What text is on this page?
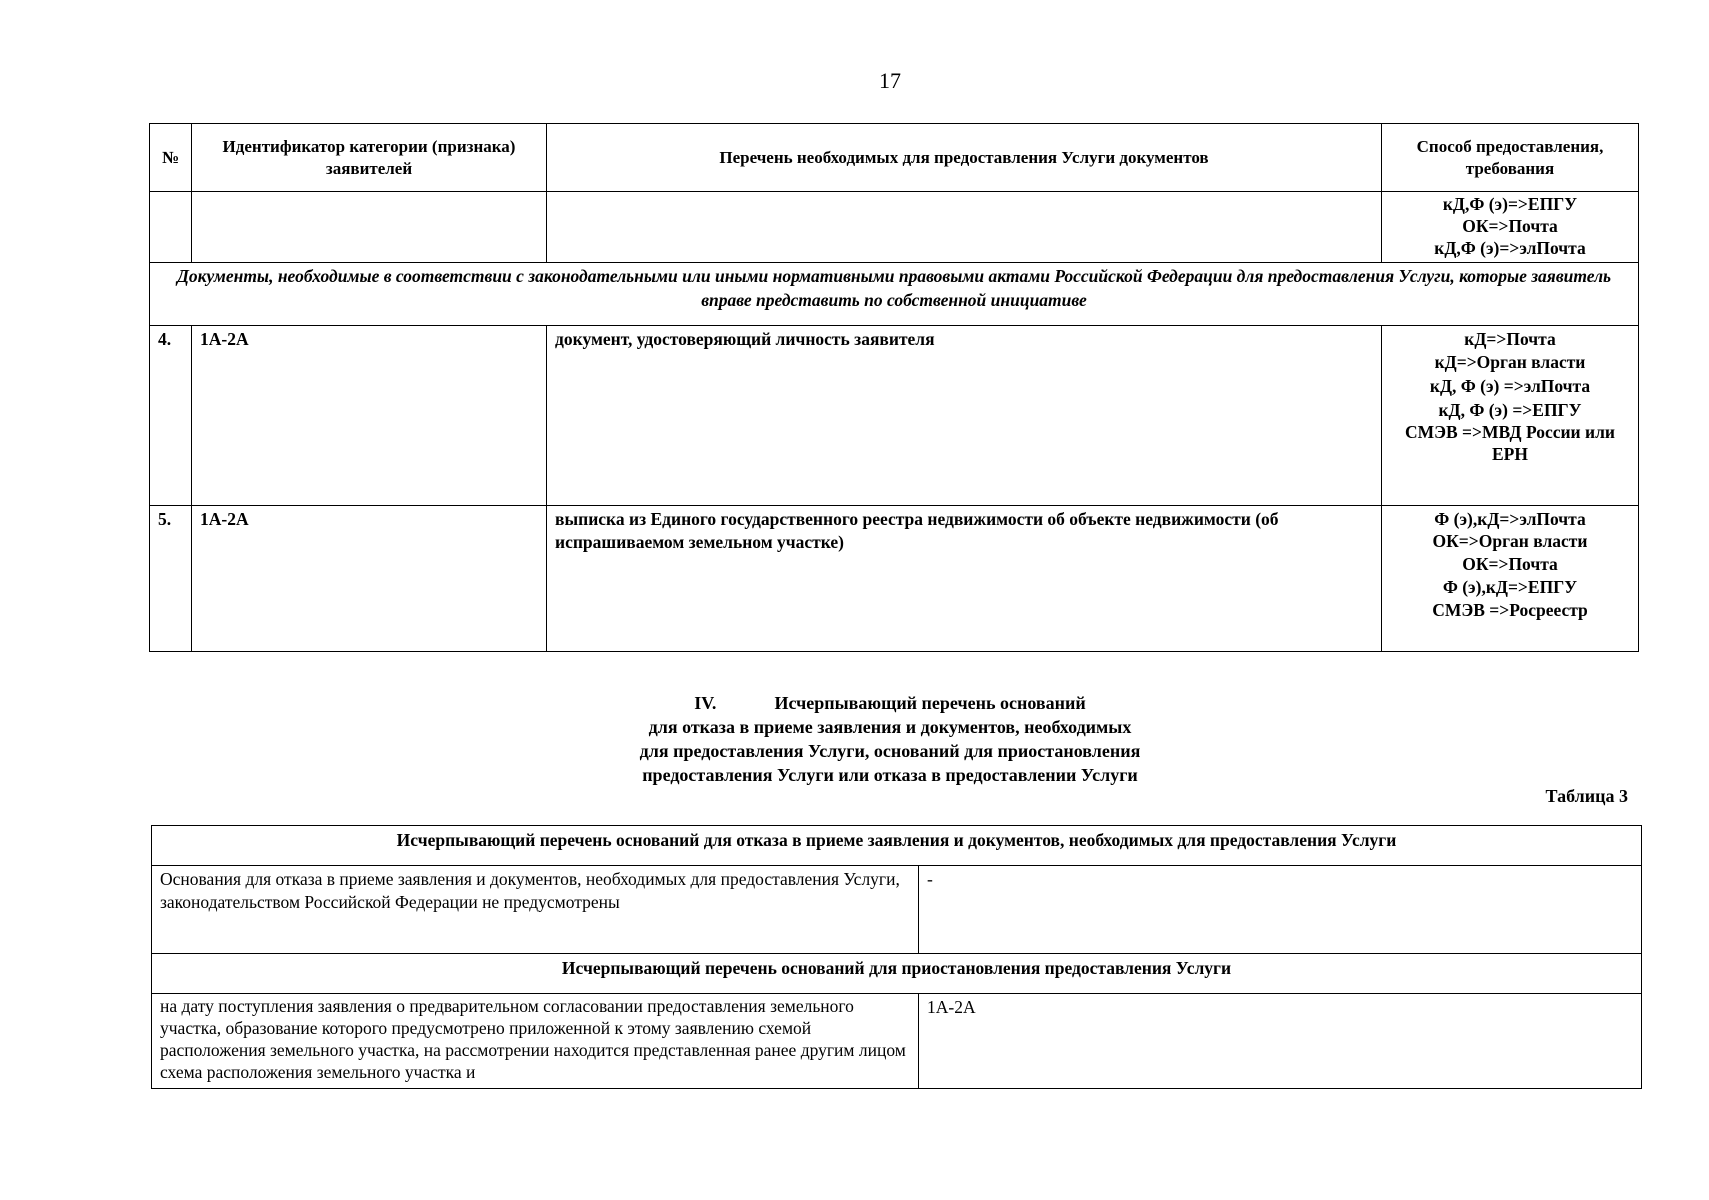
17
№	Идентификатор категории (признака) заявителей	Перечень необходимых для предоставления Услуги документов	Способ предоставления, требования

			кД,Ф (э)=>ЕПГУ
ОК=>Почта
кД,Ф (э)=>элПочта

Документы, необходимые в соответствии с законодательными или иными нормативными правовыми актами Российской Федерации для предоставления Услуги, которые заявитель вправе представить по собственной инициативе			
4.	1А-2А	документ, удостоверяющий личность заявителя	кД=>Почта
кД=>Орган власти
кД, Ф (э) =>элПочта
кД, Ф (э) =>ЕПГУ
СМЭВ =>МВД России или ЕРН

5.	1А-2А	выписка из Единого государственного реестра недвижимости об объекте недвижимости (об испрашиваемом земельном участке)	Ф (э),кД=>элПочта
ОК=>Орган власти
ОК=>Почта
Ф (э),кД=>ЕПГУ
СМЭВ =>Росреестр
IV.	Исчерпывающий перечень оснований
для отказа в приеме заявления и документов, необходимых
для предоставления Услуги, оснований для приостановления
предоставления Услуги или отказа в предоставлении Услуги
Таблица 3
Исчерпывающий перечень оснований для отказа в приеме заявления и документов, необходимых для предоставления Услуги	
Основания для отказа в приеме заявления и документов, необходимых для предоставления Услуги, законодательством Российской Федерации не предусмотрены	-
Исчерпывающий перечень оснований для приостановления предоставления Услуги	
на дату поступления заявления о предварительном согласовании предоставления земельного участка, образование которого предусмотрено приложенной к этому заявлению схемой расположения земельного участка, на рассмотрении находится представленная ранее другим лицом схема расположения земельного участка и	1А-2А
